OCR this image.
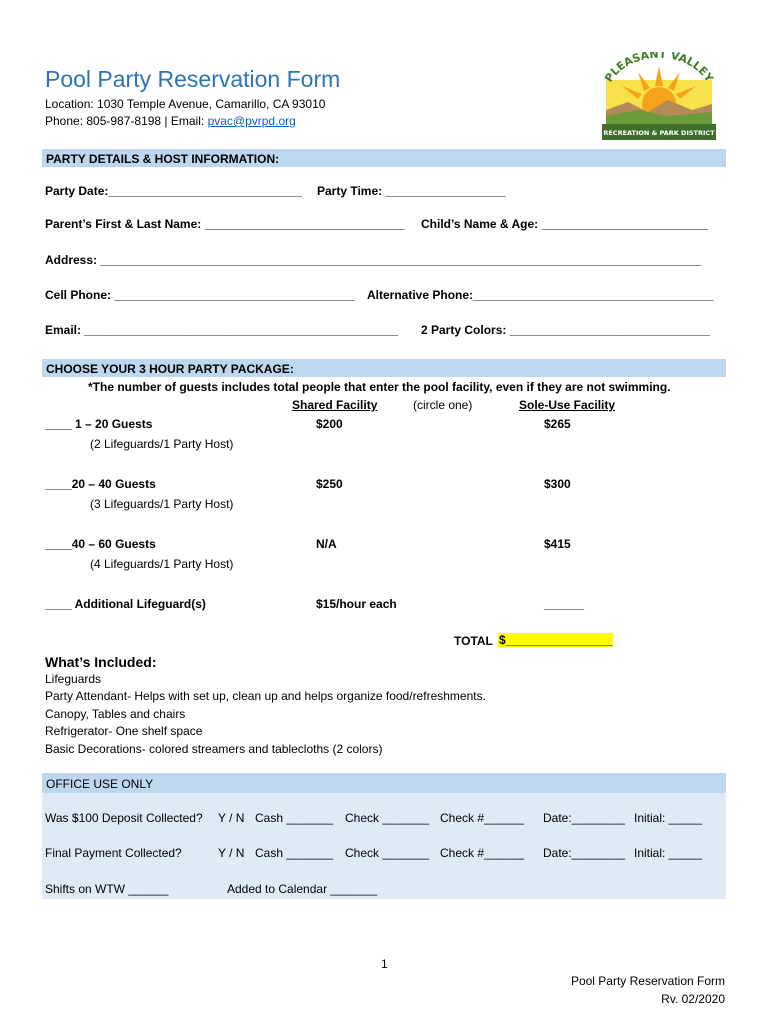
Pool Party Reservation Form
Location: 1030 Temple Avenue, Camarillo, CA 93010
Phone: 805-987-8198 | Email: pvac@pvrpd.org
PLEASANT VALLEY
RECREATION & PARK DISTRICT
PARTY DETAILS & HOST INFORMATION:
Party Date:_____________________________ Party Time: __________________
Parent’s First & Last Name: ______________________________ Child’s Name & Age: _________________________
Address: __________________________________________________________________________________________
Cell Phone: ____________________________________ Alternative Phone:____________________________________
Email: _______________________________________________ 2 Party Colors: ______________________________
CHOOSE YOUR 3 HOUR PARTY PACKAGE:
*The number of guests includes total people that enter the pool facility, even if they are not swimming.
Shared Facility	(circle one)	Sole-Use Facility
____ 1 – 20 Guests
(2 Lifeguards/1 Party Host)
$200	$265
____20 – 40 Guests
(3 Lifeguards/1 Party Host)
$250	$300
____40 – 60 Guests
(4 Lifeguards/1 Party Host)
N/A	$415
____ Additional Lifeguard(s)	$15/hour each	______
TOTAL $________________
What’s Included:
Lifeguards
Party Attendant- Helps with set up, clean up and helps organize food/refreshments.
Canopy, Tables and chairs
Refrigerator- One shelf space
Basic Decorations- colored streamers and tablecloths (2 colors)
OFFICE USE ONLY
Was $100 Deposit Collected? Y / N Cash _______ Check _______ Check #______ Date:________ Initial: _____
Final Payment Collected?	Y / N Cash _______ Check _______ Check #______ Date:________ Initial: _____
Shifts on WTW ______	Added to Calendar _______
1
Pool Party Reservation Form
Rv. 02/2020
